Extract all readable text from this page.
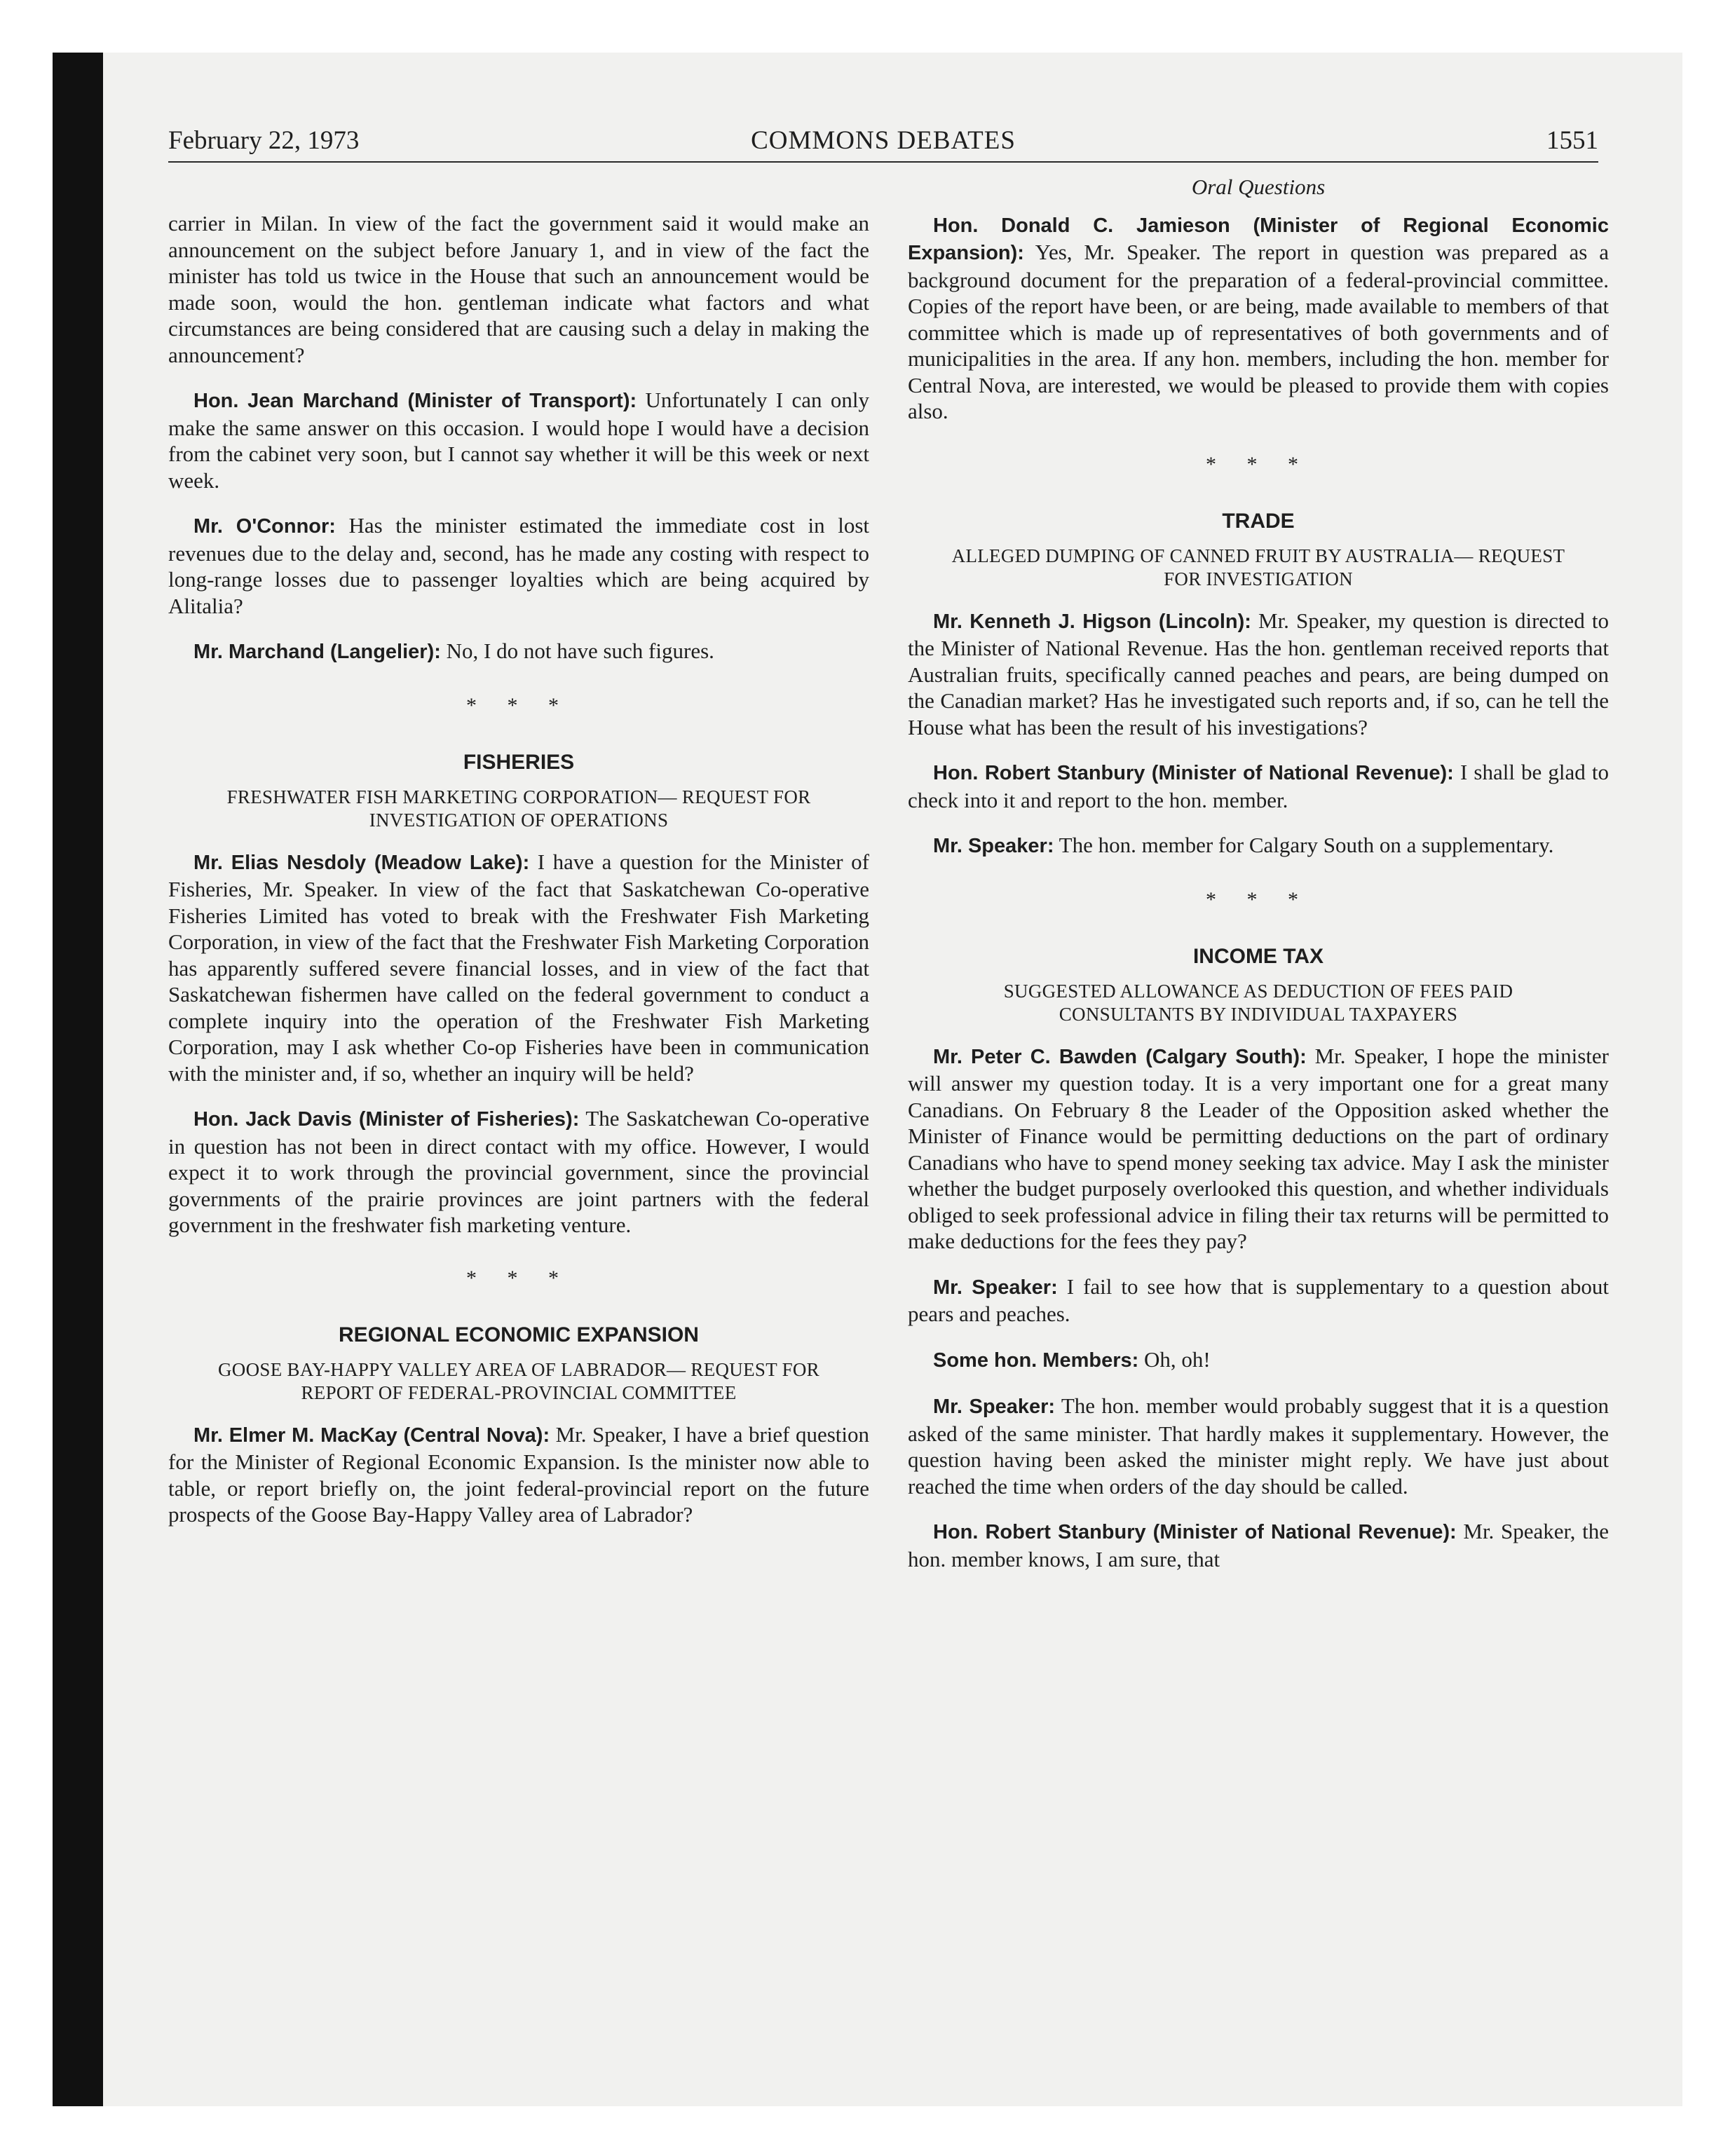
February 22, 1973	COMMONS DEBATES	1551

carrier in Milan. In view of the fact the government said it would make an announcement on the subject before January 1, and in view of the fact the minister has told us twice in the House that such an announcement would be made soon, would the hon. gentleman indicate what factors and what circumstances are being considered that are causing such a delay in making the announcement?

Hon. Jean Marchand (Minister of Transport): Unfortunately I can only make the same answer on this occasion. I would hope I would have a decision from the cabinet very soon, but I cannot say whether it will be this week or next week.

Mr. O'Connor: Has the minister estimated the immediate cost in lost revenues due to the delay and, second, has he made any costing with respect to long-range losses due to passenger loyalties which are being acquired by Alitalia?

Mr. Marchand (Langelier): No, I do not have such figures.

* * *
FISHERIES
FRESHWATER FISH MARKETING CORPORATION— REQUEST FOR INVESTIGATION OF OPERATIONS

Mr. Elias Nesdoly (Meadow Lake): I have a question for the Minister of Fisheries, Mr. Speaker. In view of the fact that Saskatchewan Co-operative Fisheries Limited has voted to break with the Freshwater Fish Marketing Corporation, in view of the fact that the Freshwater Fish Marketing Corporation has apparently suffered severe financial losses, and in view of the fact that Saskatchewan fishermen have called on the federal government to conduct a complete inquiry into the operation of the Freshwater Fish Marketing Corporation, may I ask whether Co-op Fisheries have been in communication with the minister and, if so, whether an inquiry will be held?

Hon. Jack Davis (Minister of Fisheries): The Saskatchewan Co-operative in question has not been in direct contact with my office. However, I would expect it to work through the provincial government, since the provincial governments of the prairie provinces are joint partners with the federal government in the freshwater fish marketing venture.

* * *
REGIONAL ECONOMIC EXPANSION
GOOSE BAY-HAPPY VALLEY AREA OF LABRADOR— REQUEST FOR REPORT OF FEDERAL-PROVINCIAL COMMITTEE

Mr. Elmer M. MacKay (Central Nova): Mr. Speaker, I have a brief question for the Minister of Regional Economic Expansion. Is the minister now able to table, or report briefly on, the joint federal-provincial report on the future prospects of the Goose Bay-Happy Valley area of Labrador?

Oral Questions

Hon. Donald C. Jamieson (Minister of Regional Economic Expansion): Yes, Mr. Speaker. The report in question was prepared as a background document for the preparation of a federal-provincial committee. Copies of the report have been, or are being, made available to members of that committee which is made up of representatives of both governments and of municipalities in the area. If any hon. members, including the hon. member for Central Nova, are interested, we would be pleased to provide them with copies also.

* * *
TRADE
ALLEGED DUMPING OF CANNED FRUIT BY AUSTRALIA— REQUEST FOR INVESTIGATION

Mr. Kenneth J. Higson (Lincoln): Mr. Speaker, my question is directed to the Minister of National Revenue. Has the hon. gentleman received reports that Australian fruits, specifically canned peaches and pears, are being dumped on the Canadian market? Has he investigated such reports and, if so, can he tell the House what has been the result of his investigations?

Hon. Robert Stanbury (Minister of National Revenue): I shall be glad to check into it and report to the hon. member.

Mr. Speaker: The hon. member for Calgary South on a supplementary.

* * *
INCOME TAX
SUGGESTED ALLOWANCE AS DEDUCTION OF FEES PAID CONSULTANTS BY INDIVIDUAL TAXPAYERS

Mr. Peter C. Bawden (Calgary South): Mr. Speaker, I hope the minister will answer my question today. It is a very important one for a great many Canadians. On February 8 the Leader of the Opposition asked whether the Minister of Finance would be permitting deductions on the part of ordinary Canadians who have to spend money seeking tax advice. May I ask the minister whether the budget purposely overlooked this question, and whether individuals obliged to seek professional advice in filing their tax returns will be permitted to make deductions for the fees they pay?

Mr. Speaker: I fail to see how that is supplementary to a question about pears and peaches.

Some hon. Members: Oh, oh!

Mr. Speaker: The hon. member would probably suggest that it is a question asked of the same minister. That hardly makes it supplementary. However, the question having been asked the minister might reply. We have just about reached the time when orders of the day should be called.

Hon. Robert Stanbury (Minister of National Revenue): Mr. Speaker, the hon. member knows, I am sure, that
